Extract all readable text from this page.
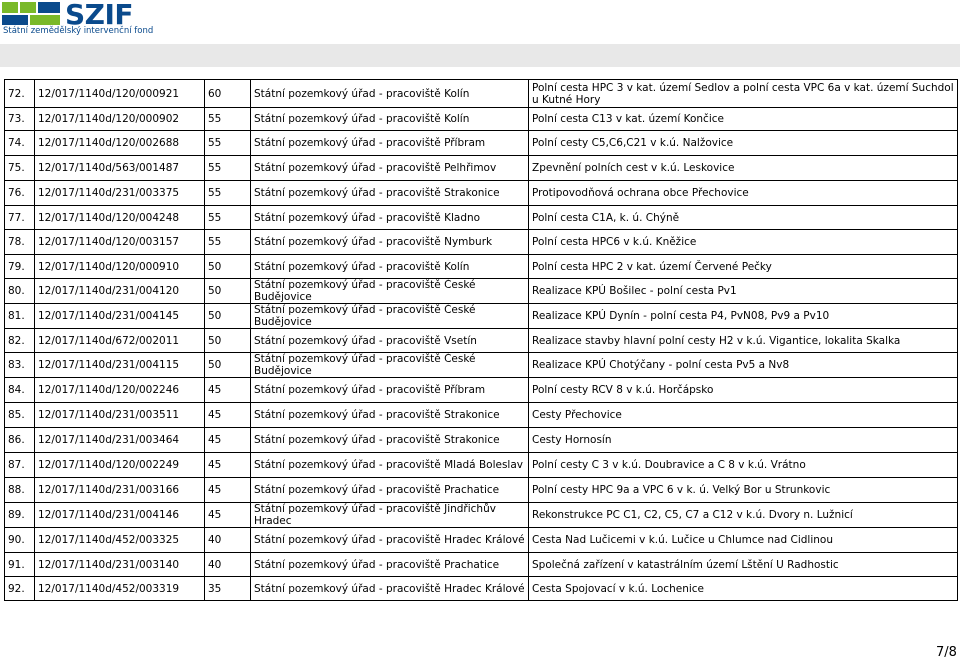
SZIF
Státní zemědělský intervenční fond
72.	12/017/1140d/120/000921	60	Státní pozemkový úřad - pracoviště Kolín	Polní cesta HPC 3 v kat. území Sedlov a polní cesta VPC 6a v kat. území Suchdol u Kutné Hory
73.	12/017/1140d/120/000902	55	Státní pozemkový úřad - pracoviště Kolín	Polní cesta C13 v kat. území Končice
74.	12/017/1140d/120/002688	55	Státní pozemkový úřad - pracoviště Příbram	Polní cesty C5,C6,C21 v k.ú. Nalžovice
75.	12/017/1140d/563/001487	55	Státní pozemkový úřad - pracoviště Pelhřimov	Zpevnění polních cest v k.ú. Leskovice
76.	12/017/1140d/231/003375	55	Státní pozemkový úřad - pracoviště Strakonice	Protipovodňová ochrana obce Přechovice
77.	12/017/1140d/120/004248	55	Státní pozemkový úřad - pracoviště Kladno	Polní cesta C1A, k. ú. Chýně
78.	12/017/1140d/120/003157	55	Státní pozemkový úřad - pracoviště Nymburk	Polní cesta HPC6 v k.ú. Kněžice
79.	12/017/1140d/120/000910	50	Státní pozemkový úřad - pracoviště Kolín	Polní cesta HPC 2 v kat. území Červené Pečky
80.	12/017/1140d/231/004120	50	Státní pozemkový úřad - pracoviště České Budějovice	Realizace KPÚ Bošilec - polní cesta Pv1
81.	12/017/1140d/231/004145	50	Státní pozemkový úřad - pracoviště České Budějovice	Realizace KPÚ Dynín - polní cesta P4, PvN08, Pv9 a Pv10
82.	12/017/1140d/672/002011	50	Státní pozemkový úřad - pracoviště Vsetín	Realizace stavby hlavní polní cesty H2 v k.ú. Vigantice, lokalita Skalka
83.	12/017/1140d/231/004115	50	Státní pozemkový úřad - pracoviště České Budějovice	Realizace KPÚ Chotýčany - polní cesta Pv5 a Nv8
84.	12/017/1140d/120/002246	45	Státní pozemkový úřad - pracoviště Příbram	Polní cesty RCV 8 v k.ú. Horčápsko
85.	12/017/1140d/231/003511	45	Státní pozemkový úřad - pracoviště Strakonice	Cesty Přechovice
86.	12/017/1140d/231/003464	45	Státní pozemkový úřad - pracoviště Strakonice	Cesty Hornosín
87.	12/017/1140d/120/002249	45	Státní pozemkový úřad - pracoviště Mladá Boleslav	Polní cesty C 3 v k.ú. Doubravice a C 8 v k.ú. Vrátno
88.	12/017/1140d/231/003166	45	Státní pozemkový úřad - pracoviště Prachatice	Polní cesty HPC 9a a VPC 6 v k. ú. Velký Bor u Strunkovic
89.	12/017/1140d/231/004146	45	Státní pozemkový úřad - pracoviště Jindřichův Hradec	Rekonstrukce PC C1, C2, C5, C7 a C12 v k.ú. Dvory n. Lužnicí
90.	12/017/1140d/452/003325	40	Státní pozemkový úřad - pracoviště Hradec Králové	Cesta Nad Lučicemi v k.ú. Lučice u Chlumce nad Cidlinou
91.	12/017/1140d/231/003140	40	Státní pozemkový úřad - pracoviště Prachatice	Společná zařízení v katastrálním území Lštění U Radhostic
92.	12/017/1140d/452/003319	35	Státní pozemkový úřad - pracoviště Hradec Králové	Cesta Spojovací v k.ú. Lochenice
7/8
